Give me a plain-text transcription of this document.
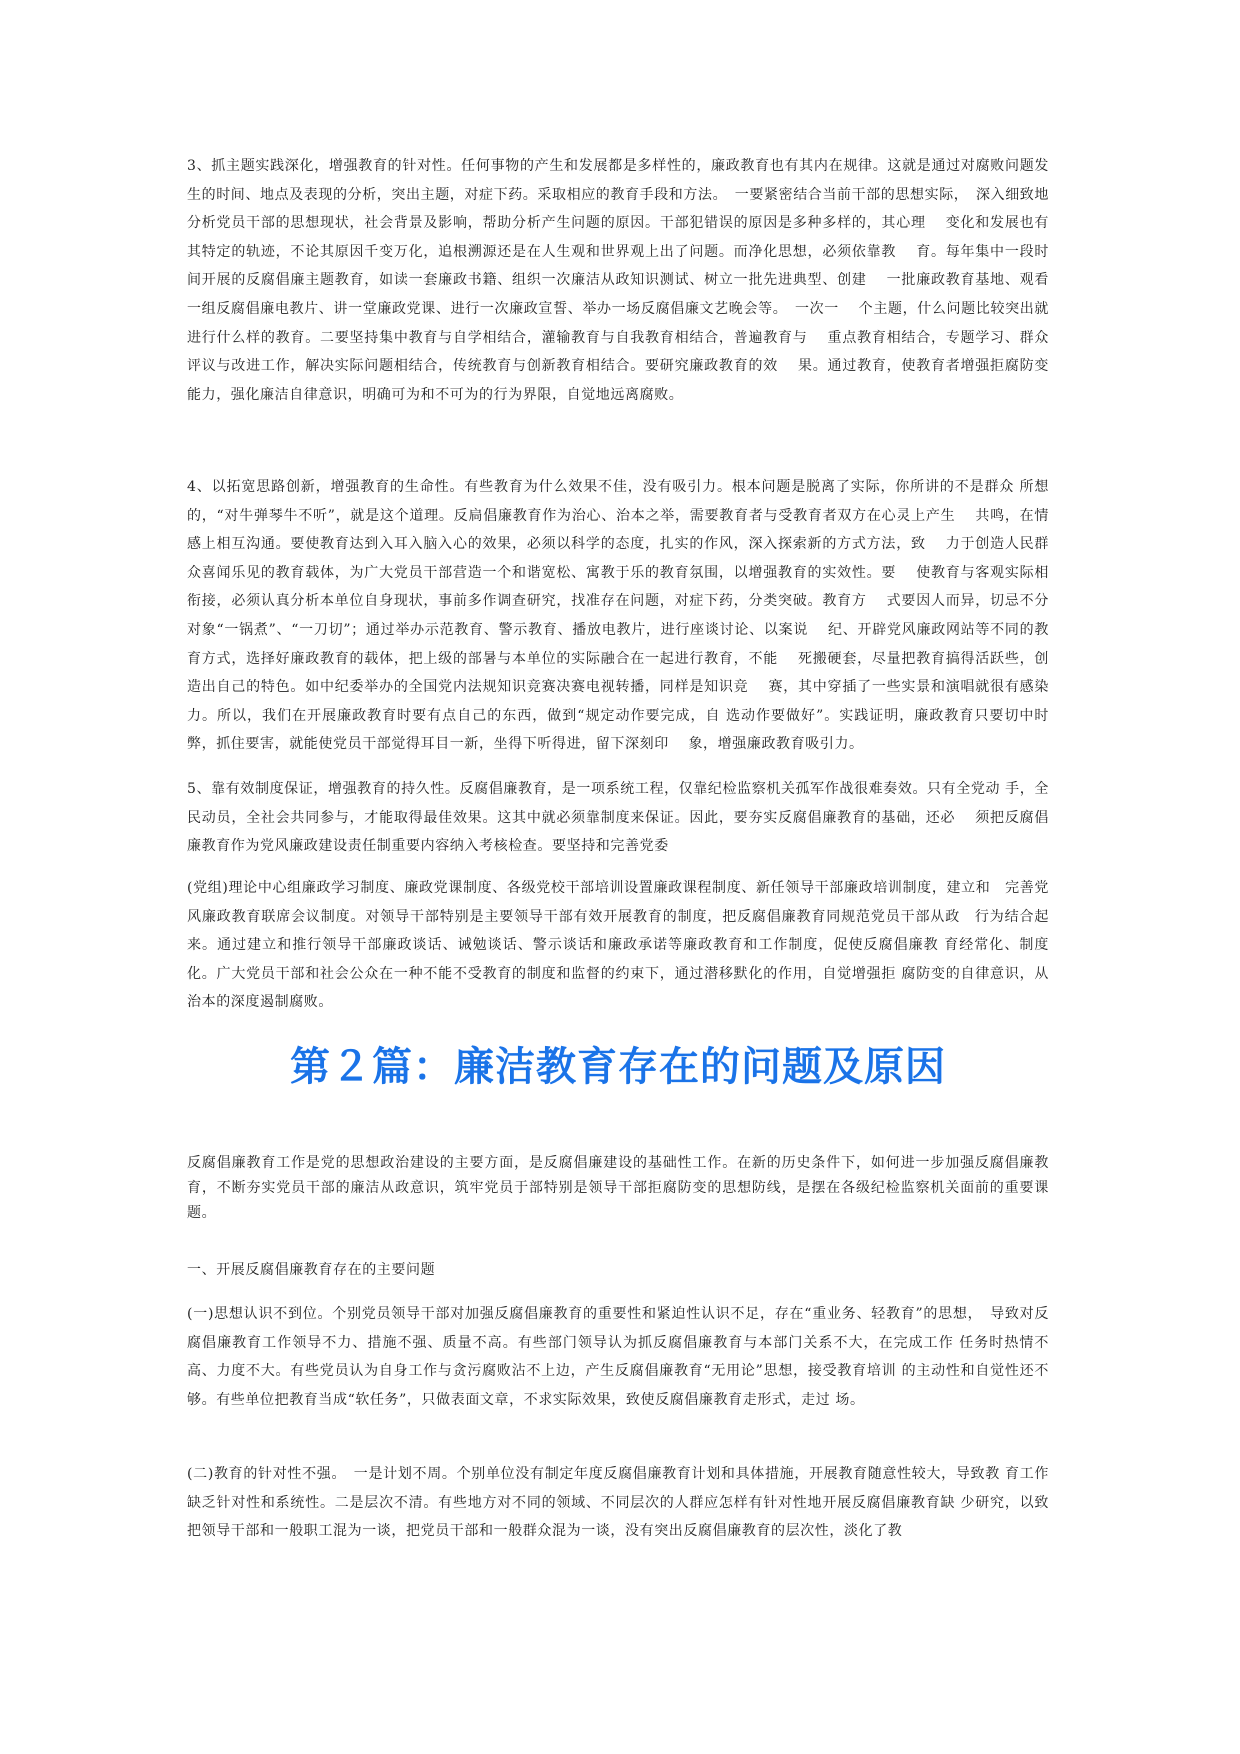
3、抓主题实践深化，增强教育的针对性。任何事物的产生和发展都是多样性的，廉政教育也有其内在规律。这就是通过对腐败问题发生的时间、地点及表现的分析，突出主题，对症下药。采取相应的教育手段和方法。　一要紧密结合当前干部的思想实际，　深入细致地分析党员干部的思想现状，社会背景及影响，帮助分析产生问题的原因。干部犯错误的原因是多种多样的，其心理　 变化和发展也有其特定的轨迹，不论其原因千变万化，追根溯源还是在人生观和世界观上出了问题。而净化思想，必须依靠教　 育。每年集中一段时间开展的反腐倡廉主题教育，如读一套廉政书籍、组织一次廉洁从政知识测试、树立一批先进典型、创建　 一批廉政教育基地、观看一组反腐倡廉电教片、讲一堂廉政党课、进行一次廉政宣誓、举办一场反腐倡廉文艺晚会等。　一次一　 个主题，什么问题比较突出就进行什么样的教育。二要坚持集中教育与自学相结合，灌输教育与自我教育相结合，普遍教育与　 重点教育相结合，专题学习、群众评议与改进工作，解决实际问题相结合，传统教育与创新教育相结合。要研究廉政教育的效　 果。通过教育，使教育者增强拒腐防变能力，强化廉洁自律意识，明确可为和不可为的行为界限，自觉地远离腐败。

4、以拓宽思路创新，增强教育的生命性。有些教育为什么效果不佳，没有吸引力。根本问题是脱离了实际，你所讲的不是群众 所想的，“对牛弹琴牛不听”，就是这个道理。反扃倡廉教育作为治心、治本之举，需要教育者与受教育者双方在心灵上产生　 共鸣，在情感上相互沟通。要使教育达到入耳入脑入心的效果，必须以科学的态度，扎实的作风，深入探索新的方式方法，致　 力于创造人民群众喜闻乐见的教育载体，为广大党员干部营造一个和谐宽松、寓教于乐的教育氛围，以增强教育的实效性。要　 使教育与客观实际相衔接，必须认真分析本单位自身现状，事前多作调查研究，找准存在问题，对症下药，分类突破。教育方　 式要因人而异，切忌不分对象“一锅煮”、“一刀切”；通过举办示范教育、警示教育、播放电教片，进行座谈讨论、以案说　 纪、开辟党风廉政网站等不同的教育方式，选择好廉政教育的载体，把上级的部暑与本单位的实际融合在一起进行教育，不能　 死搬硬套，尽量把教育搞得活跃些，创造出自己的特色。如中纪委举办的全国党内法规知识竞赛决赛电视转播，同样是知识竞　 赛，其中穿插了一些实景和演唱就很有感染力。所以，我们在开展廉政教育时要有点自己的东西，做到“规定动作要完成，自 选动作要做好”。实践证明，廉政教育只要切中时弊，抓住要害，就能使党员干部觉得耳目一新，坐得下听得进，留下深刻印　 象，增强廉政教育吸引力。

5、靠有效制度保证，增强教育的持久性。反腐倡廉教育，是一项系统工程，仅靠纪检监察机关孤军作战很难奏效。只有全党动 手，全民动员，全社会共同参与，才能取得最佳效果。这其中就必须靠制度来保证。因此，要夯实反腐倡廉教育的基础，还必　 须把反腐倡廉教育作为党风廉政建设责任制重要内容纳入考核检查。要坚持和完善党委

(党组)理论中心组廉政学习制度、廉政党课制度、各级党校干部培训设置廉政课程制度、新任领导干部廉政培训制度，建立和　完善党风廉政教育联席会议制度。对领导干部特别是主要领导干部有效开展教育的制度，把反腐倡廉教育同规范党员干部从政　行为结合起来。通过建立和推行领导干部廉政谈话、诫勉谈话、警示谈话和廉政承诺等廉政教育和工作制度，促使反腐倡廉教 育经常化、制度化。广大党员干部和社会公众在一种不能不受教育的制度和监督的约束下，通过潜移默化的作用，自觉增强拒 腐防变的自律意识，从治本的深度遏制腐败。

第２篇：廉洁教育存在的问题及原因

反腐倡廉教育工作是党的思想政治建设的主要方面，是反腐倡廉建设的基础性工作。在新的历史条件下，如何进一步加强反腐倡廉教育，不断夯实党员干部的廉洁从政意识，筑牢党员于部特别是领导干部拒腐防变的思想防线，是摆在各级纪检监察机关面前的重要课题。

一、开展反腐倡廉教育存在的主要问题

(一)思想认识不到位。个别党员领导干部对加强反腐倡廉教育的重要性和紧迫性认识不足，存在“重业务、轻教育”的思想，　导致对反腐倡廉教育工作领导不力、措施不强、质量不高。有些部门领导认为抓反腐倡廉教育与本部门关系不大，在完成工作 任务时热情不高、力度不大。有些党员认为自身工作与贪污腐败沾不上边，产生反腐倡廉教育“无用论”思想，接受教育培训 的主动性和自觉性还不够。有些单位把教育当成“软任务”，只做表面文章，不求实际效果，致使反腐倡廉教育走形式，走过 场。

(二)教育的针对性不强。　一是计划不周。个别单位没有制定年度反腐倡廉教育计划和具体措施，开展教育随意性较大，导致教 育工作缺乏针对性和系统性。二是层次不清。有些地方对不同的领域、不同层次的人群应怎样有针对性地开展反腐倡廉教育缺 少研究，以致把领导干部和一般职工混为一谈，把党员干部和一般群众混为一谈，没有突出反腐倡廉教育的层次性，淡化了教
